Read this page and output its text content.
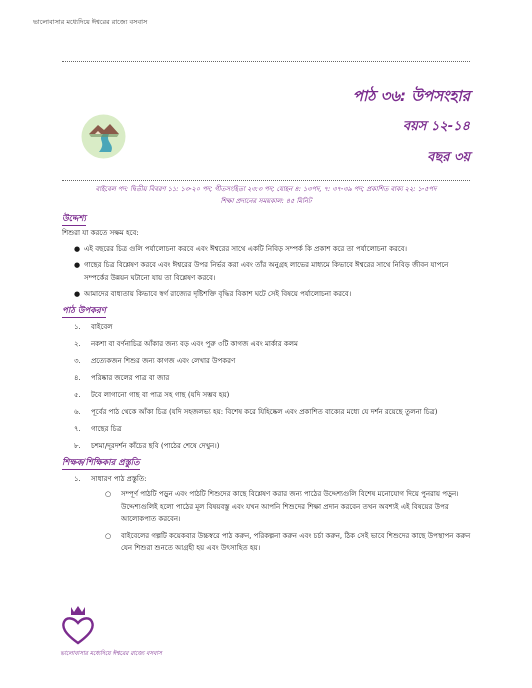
ভালোবাসার মধ্যেদিয়ে ঈশ্বরের রাজ্যে বসবাস
পাঠ ৩৬: উপসংহার
বয়স ১২-১৪
বছর ৩য়
বাইবেল পদ: দ্বিতীয় বিবরণ ১১: ১৩-২০ পদ; গীতসংহিতা ২৩:৩ পদ; যোহন ৪: ১৩পদ, ৭: ৩৭-৩৯ পদ; প্রকাশিত বাক্য ২২: ১-৫পদ
শিক্ষা প্রদানের সময়কাল: ৪৫ মিনিট
উদ্দেশ্য
শিশুরা যা করতে সক্ষম হবে:
● এই বছরের চিত্র গুলি পর্যালোচনা করবে এবং ঈশ্বরের সাথে একটি নিবিড় সম্পর্ক কি প্রকাশ করে তা পর্যালোচনা করবে।
● গাছের চিত্র বিশ্লেষণ করবে এবং ঈশ্বরের উপর নির্ভর করা এবং তাঁর অনুগ্রহ লাভের মাধ্যমে কিভাবে ঈশ্বরের সাথে নিবিড় জীবন যাপনে সম্পর্কের উন্নয়ন ঘটানো যায় তা বিশ্লেষণ করবে।
● আমাদের বাধ্যতায় কিভাবে স্বর্গ রাজ্যের দৃষ্টিশক্তি বৃদ্ধির বিকাশ ঘটে সেই বিষয়ে পর্যালোচনা করবে।
পাঠ উপকরণ
১. বাইবেল
২. নকশা বা বর্ণনাচিত্র আঁকার জন্য বড় এবং পুরু ৩টি কাগজ এবং মার্কার কলম
৩. প্রত্যেকজন শিশুর জন্য কাগজ এবং লেখার উপকরণ
৪. পরিষ্কার জলের পাত্র বা জার
৫. টবে লাগানো গাছ বা পাত্র সহ গাছ (যদি সম্ভব হয়)
৬. পূর্বের পাঠ থেকে আঁকা চিত্র (যদি সহজলভ্য হয়: বিশেষ করে যিহিষ্কেল এবং প্রকাশিত বাক্যের মধ্যে যে দর্শন রয়েছে তুলনা চিত্র)
৭. গাছের চিত্র
৮. চশমা/দূরদর্শন কাঁচের ছবি (পাঠের শেষে দেখুন।)
শিক্ষক/শিক্ষিকার প্রস্তুতি
১. সাধারণ পাঠ প্রস্তুতি:
○ সম্পূর্ণ পাঠটি পড়ুন এবং পাঠটি শিশুদের কাছে বিশ্লেষণ করার জন্য পাঠের উদ্দেশ্যগুলি বিশেষ মনোযোগ দিয়ে পুনরায় পড়ুন। উদ্দেশ্যগুলিই হলো পাঠের মূল বিষয়বস্তু এবং যখন আপনি শিশুদের শিক্ষা প্রদান করবেন তখন অবশ্যই এই বিষয়ের উপর আলোকপাত করবেন।
○ বাইবেলের গল্পটি কয়েকবার উচ্চস্বরে পাঠ করুন, পরিকল্পনা করুন এবং চর্চা করুন, ঠিক সেই ভাবে শিশুদের কাছে উপস্থাপন করুন যেন শিশুরা শুনতে আগ্রহী হয় এবং উৎসাহিত হয়।
ভালোবাসার মধ্যেদিয়ে ঈশ্বরের রাজ্যে বসবাস
